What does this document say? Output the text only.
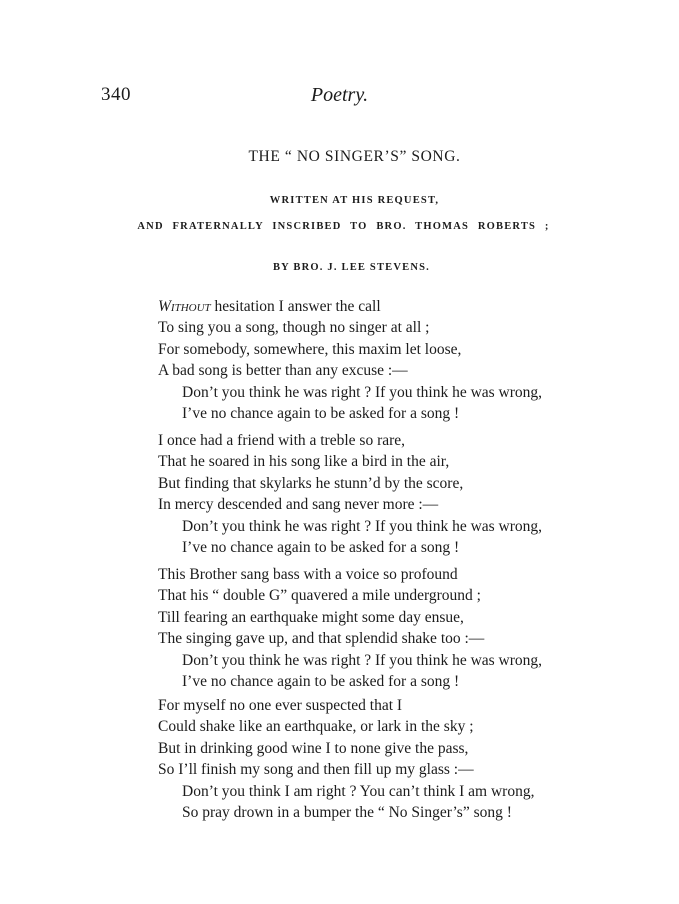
340	Poetry.
THE “ NO SINGER’S” SONG.
WRITTEN AT HIS REQUEST,
AND FRATERNALLY INSCRIBED TO BRO. THOMAS ROBERTS ;
BY BRO. J. LEE STEVENS.
Without hesitation I answer the call
To sing you a song, though no singer at all ;
For somebody, somewhere, this maxim let loose,
A bad song is better than any excuse :—
Don’t you think he was right ? If you think he was wrong,
I’ve no chance again to be asked for a song !
I once had a friend with a treble so rare,
That he soared in his song like a bird in the air,
But finding that skylarks he stunn’d by the score,
In mercy descended and sang never more :—
Don’t you think he was right ? If you think he was wrong,
I’ve no chance again to be asked for a song !
This Brother sang bass with a voice so profound
That his “ double G” quavered a mile underground ;
Till fearing an earthquake might some day ensue,
The singing gave up, and that splendid shake too :—
Don’t you think he was right ? If you think he was wrong,
I’ve no chance again to be asked for a song !
For myself no one ever suspected that I
Could shake like an earthquake, or lark in the sky ;
But in drinking good wine I to none give the pass,
So I’ll finish my song and then fill up my glass :—
Don’t you think I am right ? You can’t think I am wrong,
So pray drown in a bumper the “ No Singer’s” song !
